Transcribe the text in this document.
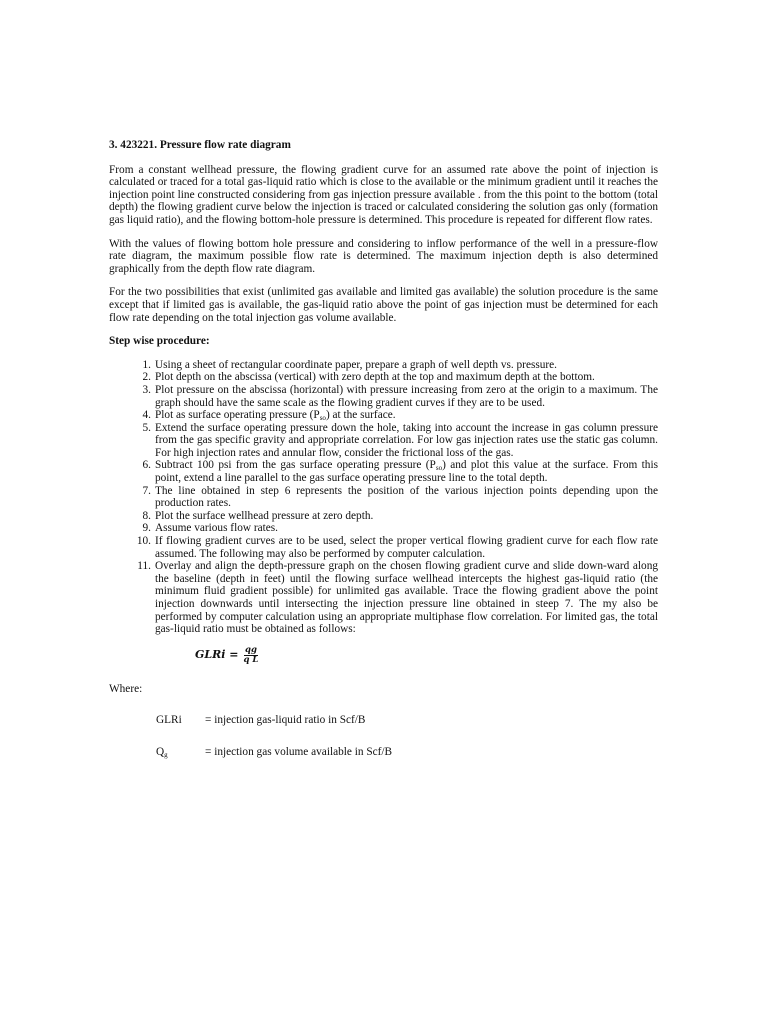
3. 423221. Pressure flow rate diagram

From a constant wellhead pressure, the flowing gradient curve for an assumed rate above the point of injection is calculated or traced for a total gas-liquid ratio which is close to the available or the minimum gradient until it reaches the injection point line constructed considering from gas injection pressure available . from the this point to the bottom (total depth) the flowing gradient curve below the injection is traced or calculated considering the solution gas only (formation gas liquid ratio), and the flowing bottom-hole pressure is determined. This procedure is repeated for different flow rates.

With the values of flowing bottom hole pressure and considering to inflow performance of the well in a pressure-flow rate diagram, the maximum possible flow rate is determined. The maximum injection depth is also determined graphically from the depth flow rate diagram.

For the two possibilities that exist (unlimited gas available and limited gas available) the solution procedure is the same except that if limited gas is available, the gas-liquid ratio above the point of gas injection must be determined for each flow rate depending on the total injection gas volume available.

Step wise procedure:

1. Using a sheet of rectangular coordinate paper, prepare a graph of well depth vs. pressure.
2. Plot depth on the abscissa (vertical) with zero depth at the top and maximum depth at the bottom.
3. Plot pressure on the abscissa (horizontal) with pressure increasing from zero at the origin to a maximum. The graph should have the same scale as the flowing gradient curves if they are to be used.
4. Plot as surface operating pressure $(P_{so})$ at the surface.
5. Extend the surface operating pressure down the hole, taking into account the increase in gas column pressure from the gas specific gravity and appropriate correlation. For low gas injection rates use the static gas column. For high injection rates and annular flow, consider the frictional loss of the gas.
6. Subtract 100 psi from the gas surface operating pressure $(P_{so})$ and plot this value at the surface. From this point, extend a line parallel to the gas surface operating pressure line to the total depth.
7. The line obtained in step 6 represents the position of the various injection points depending upon the production rates.
8. Plot the surface wellhead pressure at zero depth.
9. Assume various flow rates.
10. If flowing gradient curves are to be used, select the proper vertical flowing gradient curve for each flow rate assumed. The following may also be performed by computer calculation.
11. Overlay and align the depth-pressure graph on the chosen flowing gradient curve and slide down-ward along the baseline (depth in feet) until the flowing surface wellhead intercepts the highest gas-liquid ratio (the minimum fluid gradient possible) for unlimited gas available. Trace the flowing gradient above the point injection downwards until intersecting the injection pressure line obtained in steep 7. The my also be performed by computer calculation using an appropriate multiphase flow correlation. For limited gas, the total gas-liquid ratio must be obtained as follows:
GLRi = $\frac{qg}{\text{q L}}$

Where:

GLRi	= injection gas-liquid ratio in Scf/B
$Q_g$	= injection gas volume available in Scf/B
